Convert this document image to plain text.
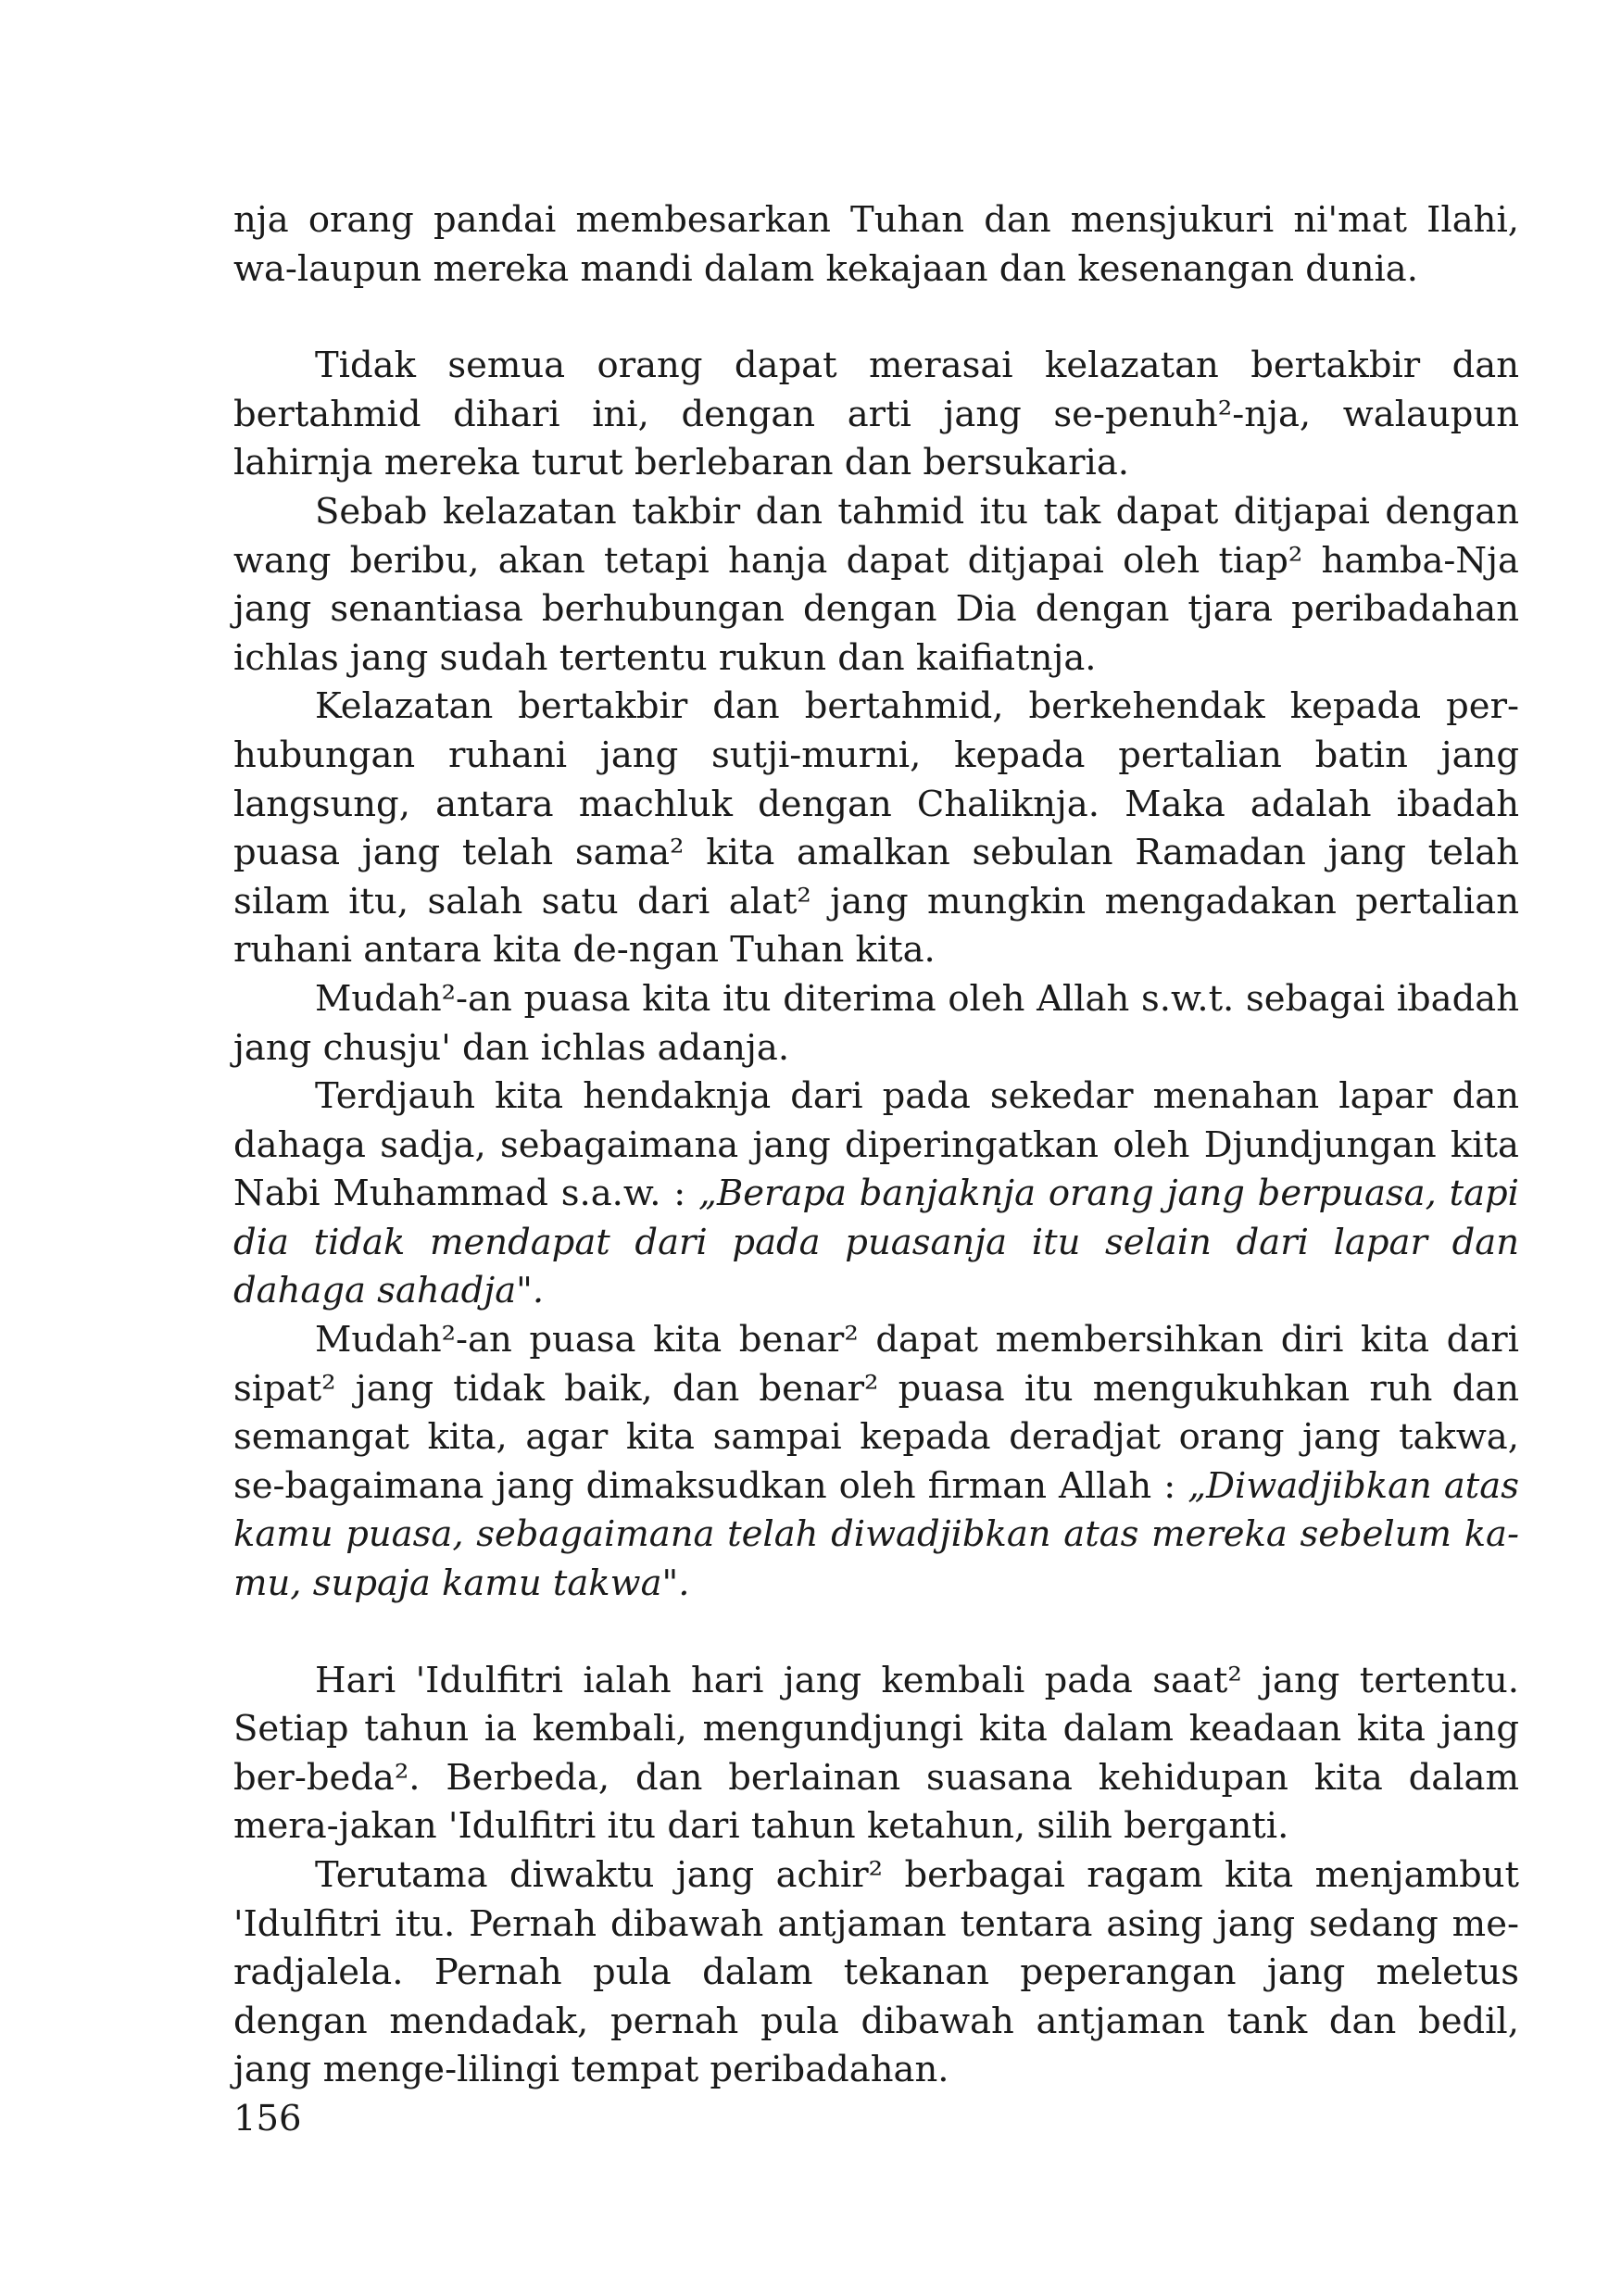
nja orang pandai membesarkan Tuhan dan mensjukuri ni'mat Ilahi, wa-laupun mereka mandi dalam kekajaan dan kesenangan dunia.

Tidak semua orang dapat merasai kelazatan bertakbir dan bertahmid dihari ini, dengan arti jang se-penuh²-nja, walaupun lahirnja mereka turut berlebaran dan bersukaria.

Sebab kelazatan takbir dan tahmid itu tak dapat ditjapai dengan wang beribu, akan tetapi hanja dapat ditjapai oleh tiap² hamba-Nja jang senantiasa berhubungan dengan Dia dengan tjara peribadahan ichlas jang sudah tertentu rukun dan kaifiatnja.

Kelazatan bertakbir dan bertahmid, berkehendak kepada per-hubungan ruhani jang sutji-murni, kepada pertalian batin jang langsung, antara machluk dengan Chaliknja. Maka adalah ibadah puasa jang telah sama² kita amalkan sebulan Ramadan jang telah silam itu, salah satu dari alat² jang mungkin mengadakan pertalian ruhani antara kita de-ngan Tuhan kita.

Mudah²-an puasa kita itu diterima oleh Allah s.w.t. sebagai ibadah jang chusju' dan ichlas adanja.

Terdjauh kita hendaknja dari pada sekedar menahan lapar dan dahaga sadja, sebagaimana jang diperingatkan oleh Djundjungan kita Nabi Muhammad s.a.w. : „Berapa banjaknja orang jang berpuasa, tapi dia tidak mendapat dari pada puasanja itu selain dari lapar dan dahaga sahadja".

Mudah²-an puasa kita benar² dapat membersihkan diri kita dari sipat² jang tidak baik, dan benar² puasa itu mengukuhkan ruh dan semangat kita, agar kita sampai kepada deradjat orang jang takwa, se-bagaimana jang dimaksudkan oleh firman Allah : „Diwadjibkan atas kamu puasa, sebagaimana telah diwadjibkan atas mereka sebelum ka-mu, supaja kamu takwa".

Hari 'Idulfitri ialah hari jang kembali pada saat² jang tertentu. Setiap tahun ia kembali, mengundjungi kita dalam keadaan kita jang ber-beda². Berbeda, dan berlainan suasana kehidupan kita dalam mera-jakan 'Idulfitri itu dari tahun ketahun, silih berganti.

Terutama diwaktu jang achir² berbagai ragam kita menjambut 'Idulfitri itu. Pernah dibawah antjaman tentara asing jang sedang me-radjalela. Pernah pula dalam tekanan peperangan jang meletus dengan mendadak, pernah pula dibawah antjaman tank dan bedil, jang menge-lilingi tempat peribadahan.

156
